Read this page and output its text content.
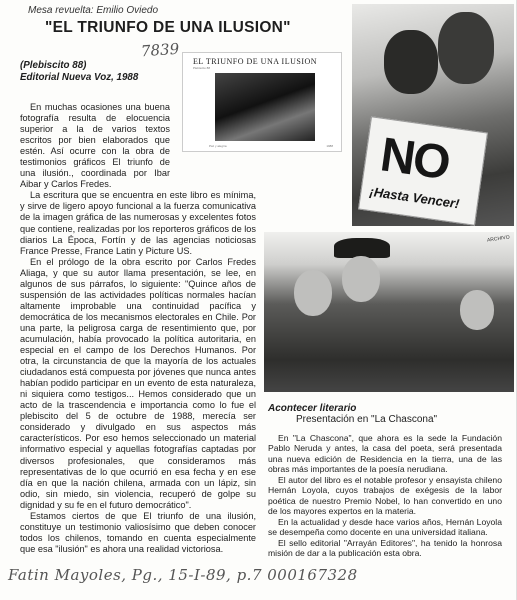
Mesa revuelta: Emilio Oviedo
"EL TRIUNFO DE UNA ILUSION"
(Plebiscito 88)
Editorial Nueva Voz, 1988
7839
EL TRIUNFO DE UNA ILUSION
Plebiscito 88
Paz y alegría	1988 NO
¡Hasta Vencer!
ARCHIVO

En muchas ocasiones una buena fotografía resulta de elocuencia superior a la de varios textos escritos por bien elaborados que estén. Así ocurre con la obra de testimonios gráficos El triunfo de una ilusión., coordinada por Ibar Aibar y Carlos Fredes.

La escritura que se encuentra en este libro es mínima, y sirve de ligero apoyo funcional a la fuerza comunicativa de la imagen gráfica de las numerosas y excelentes fotos que contiene, realizadas por los reporteros gráficos de los diarios La Época, Fortín y de las agencias noticiosas France Presse, France Latin y Picture US.

En el prólogo de la obra escrito por Carlos Fredes Aliaga, y que su autor llama presentación, se lee, en algunos de sus párrafos, lo siguiente: "Quince años de suspensión de las actividades políticas normales hacían altamente improbable una continuidad pacífica y democrática de los mecanismos electorales en Chile. Por una parte, la peligrosa carga de resentimiento que, por acumulación, había provocado la política autoritaria, en especial en el campo de los Derechos Humanos. Por otra, la circunstancia de que la mayoría de los actuales ciudadanos está compuesta por jóvenes que nunca antes habían podido participar en un evento de esta naturaleza, ni siquiera como testigos... Hemos considerado que un acto de la trascendencia e importancia como lo fue el plebiscito del 5 de octubre de 1988, merecía ser considerado y divulgado en sus aspectos más característicos. Por eso hemos seleccionado un material informativo especial y aquellas fotografías captadas por diversos profesionales, que consideramos más representativas de lo que ocurrió en esa fecha y en ese día en que la nación chilena, armada con un lápiz, sin odio, sin miedo, sin violencia, recuperó de golpe su dignidad y su fe en el futuro democrático".

Estamos ciertos de que El triunfo de una ilusión, constituye un testimonio valiosísimo que deben conocer todos los chilenos, tomando en cuenta especialmente que esa "ilusión" es ahora una realidad victoriosa.

Acontecer literario
Presentación en "La Chascona"

En "La Chascona", que ahora es la sede la Fundación Pablo Neruda y antes, la casa del poeta, será presentada una nueva edición de Residencia en la tierra, una de las obras más importantes de la poesía nerudiana.

El autor del libro es el notable profesor y ensayista chileno Hernán Loyola, cuyos trabajos de exégesis de la labor poética de nuestro Premio Nobel, lo han convertido en uno de los mayores expertos en la materia.

En la actualidad y desde hace varios años, Hernán Loyola se desempeña como docente en una universidad italiana.

El sello editorial "Arrayán Editores", ha tenido la honrosa misión de dar a la publicación esta obra.

Fatin Mayoles, Pg., 15-I-89, p.7 000167328
